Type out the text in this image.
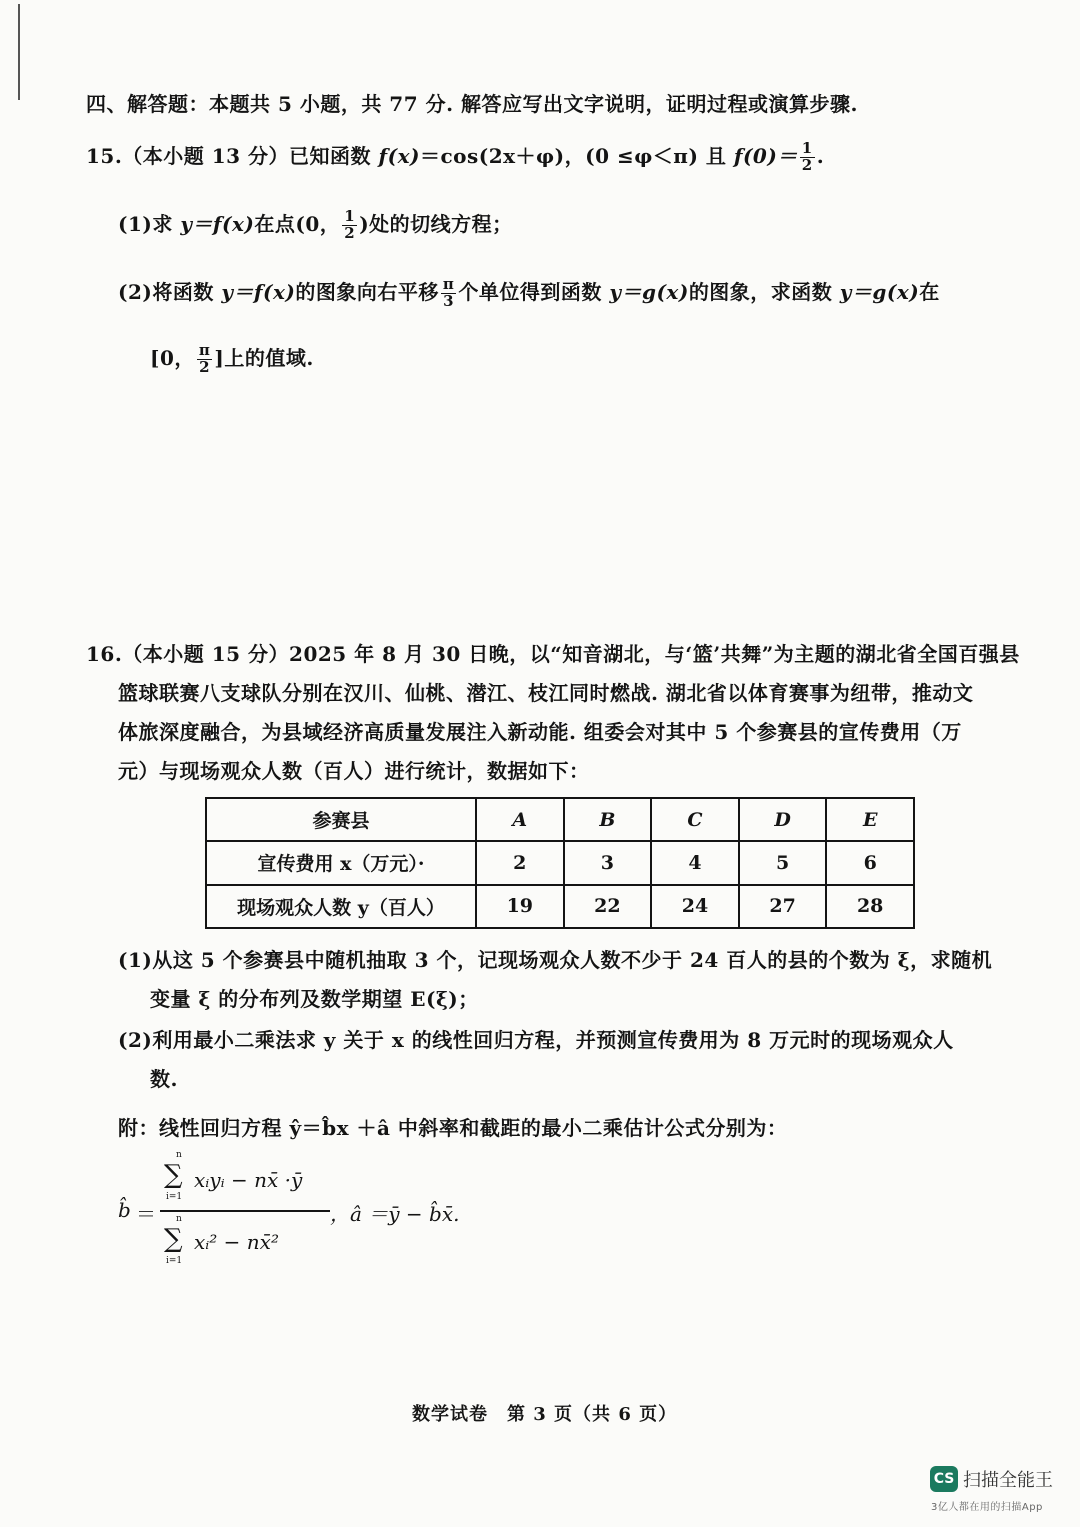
四、解答题：本题共 5 小题，共 77 分. 解答应写出文字说明，证明过程或演算步骤.
15.（本小题 13 分）已知函数 f(x)＝cos(2x＋φ)，(0 ≤φ＜π) 且 $f(0)= \frac{1}{2}$ .
(1)求 y＝f(x)在点(0， $\frac{1}{2}$ )处的切线方程；
(2)将函数 y＝f(x)的图象向右平移 $\frac{\pi}{3}$ 个单位得到函数 y＝g(x)的图象，求函数 y＝g(x)在
[0， $\frac{\pi}{2}$ ]上的值域.
16.（本小题 15 分）2025 年 8 月 30 日晚，以“知音湖北，与‘篮’共舞”为主题的湖北省全国百强县
篮球联赛八支球队分别在汉川、仙桃、潜江、枝江同时燃战. 湖北省以体育赛事为纽带，推动文
体旅深度融合，为县域经济高质量发展注入新动能. 组委会对其中 5 个参赛县的宣传费用（万
元）与现场观众人数（百人）进行统计，数据如下：
参赛县	A	B	C	D	E
宣传费用 x（万元）·	2	3	4	5	6
现场观众人数 y（百人）	19	22	24	27	28
(1)从这 5 个参赛县中随机抽取 3 个，记现场观众人数不少于 24 百人的县的个数为 ξ，求随机
变量 ξ 的分布列及数学期望 E(ξ)；
(2)利用最小二乘法求 y 关于 x 的线性回归方程，并预测宣传费用为 8 万元时的现场观众人
数.
附：线性回归方程 ŷ＝b̂x ＋â 中斜率和截距的最小二乘估计公式分别为：
b̂ ＝
n
∑
i=1
xᵢyᵢ − nx̄ ·ȳ
n
∑
i=1
xᵢ² − nx̄²
，â ＝ȳ − b̂x̄.
数学试卷　第 3 页（共 6 页）
CS 扫描全能王
3亿人都在用的扫描App
